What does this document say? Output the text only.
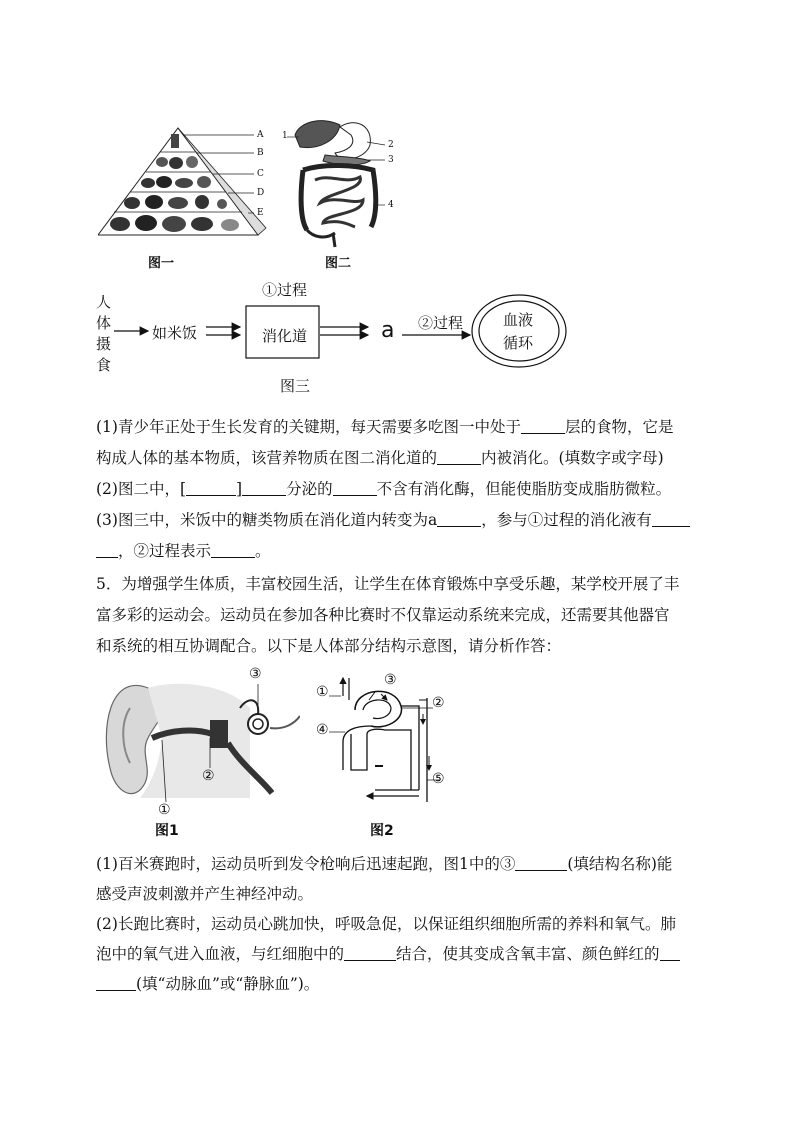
A
B
C
D
E
图一
1
2
3
4
图二
人
体
摄
食
如米饭	消化道
①过程
a ②过程	血液
循环
图三
(1)青少年正处于生长发育的关键期，每天需要多吃图一中处于	层的食物，它是
构成人体的基本物质，该营养物质在图二消化道的	内被消化。(填数字或字母)
(2)图二中，[	]	分泌的	不含有消化酶，但能使脂肪变成脂肪微粒。
(3)图三中，米饭中的糖类物质在消化道内转变为a	，参与①过程的消化液有
，②过程表示	。
5．为增强学生体质，丰富校园生活，让学生在体育锻炼中享受乐趣，某学校开展了丰
富多彩的运动会。运动员在参加各种比赛时不仅靠运动系统来完成，还需要其他器官
和系统的相互协调配合。以下是人体部分结构示意图，请分析作答：
③
②
①
图1
①
③
②
④
⑤
图2
(1)百米赛跑时，运动员听到发令枪响后迅速起跑，图1中的③	(填结构名称)能
感受声波刺激并产生神经冲动。
(2)长跑比赛时，运动员心跳加快，呼吸急促，以保证组织细胞所需的养料和氧气。肺
泡中的氧气进入血液，与红细胞中的	结合，使其变成含氧丰富、颜色鲜红的
(填“动脉血”或“静脉血”)。
